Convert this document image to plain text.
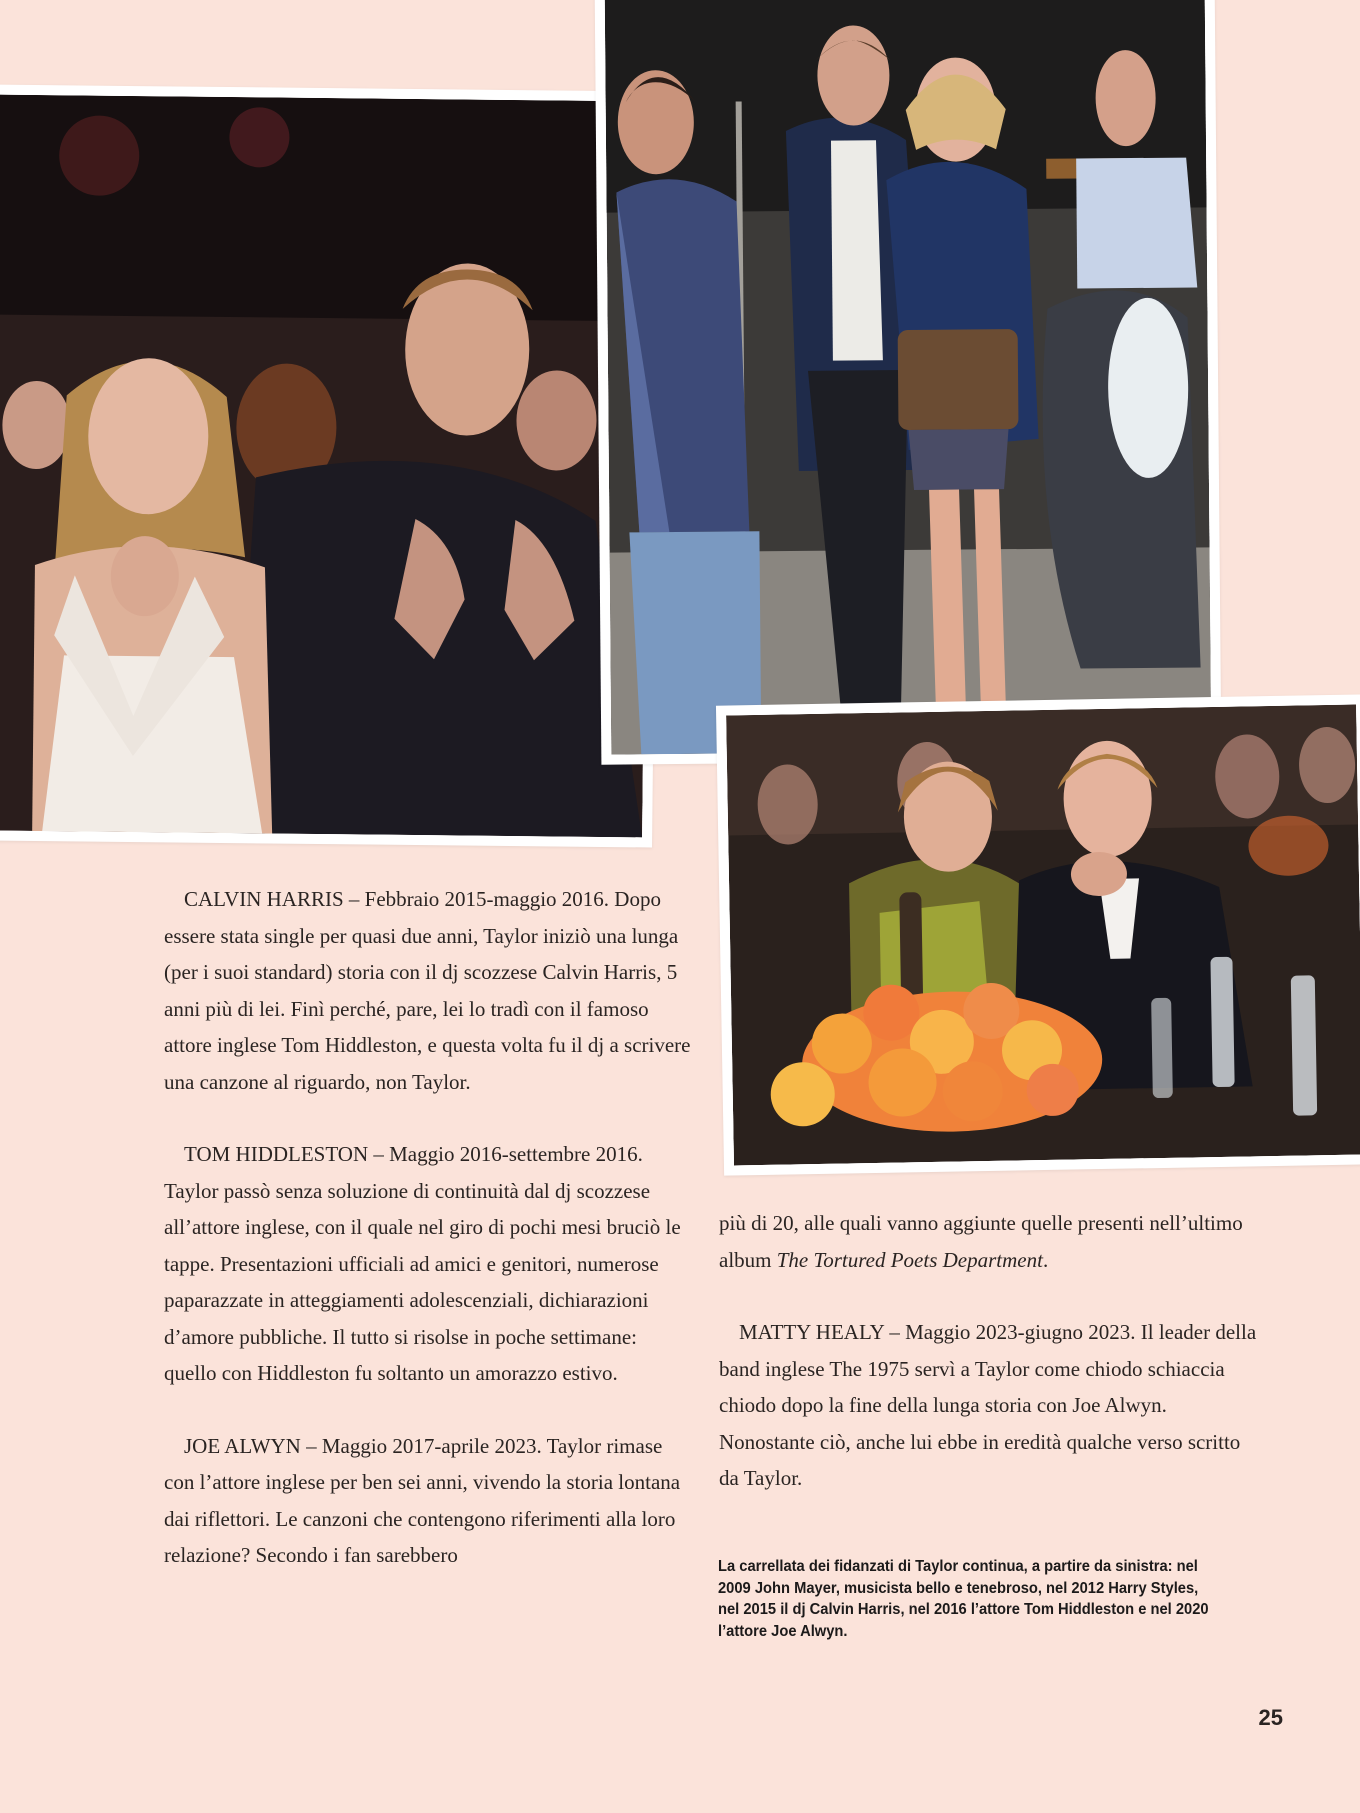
CALVIN HARRIS – Febbraio 2015-maggio 2016. Dopo essere stata single per quasi due anni, Taylor iniziò una lunga (per i suoi standard) storia con il dj scozzese Calvin Harris, 5 anni più di lei. Finì perché, pare, lei lo tradì con il famoso attore inglese Tom Hiddleston, e questa volta fu il dj a scrivere una canzone al riguardo, non Taylor.

TOM HIDDLESTON – Maggio 2016-settembre 2016. Taylor passò senza soluzione di continuità dal dj scozzese all’attore inglese, con il quale nel giro di pochi mesi bruciò le tappe. Presentazioni ufficiali ad amici e genitori, numerose paparazzate in atteggiamenti adolescenziali, dichiarazioni d’amore pubbliche. Il tutto si risolse in poche settimane: quello con Hiddleston fu soltanto un amorazzo estivo.

JOE ALWYN – Maggio 2017-aprile 2023. Taylor rimase con l’attore inglese per ben sei anni, vivendo la storia lontana dai riflettori. Le canzoni che contengono riferimenti alla loro relazione? Secondo i fan sarebbero

più di 20, alle quali vanno aggiunte quelle presenti nell’ultimo album The Tortured Poets Department.

MATTY HEALY – Maggio 2023-giugno 2023. Il leader della band inglese The 1975 servì a Taylor come chiodo schiaccia chiodo dopo la fine della lunga storia con Joe Alwyn. Nonostante ciò, anche lui ebbe in eredità qualche verso scritto da Taylor.

La carrellata dei fidanzati di Taylor continua, a partire da sinistra: nel 2009 John Mayer, musicista bello e tenebroso, nel 2012 Harry Styles, nel 2015 il dj Calvin Harris, nel 2016 l’attore Tom Hiddleston e nel 2020 l’attore Joe Alwyn.
25
